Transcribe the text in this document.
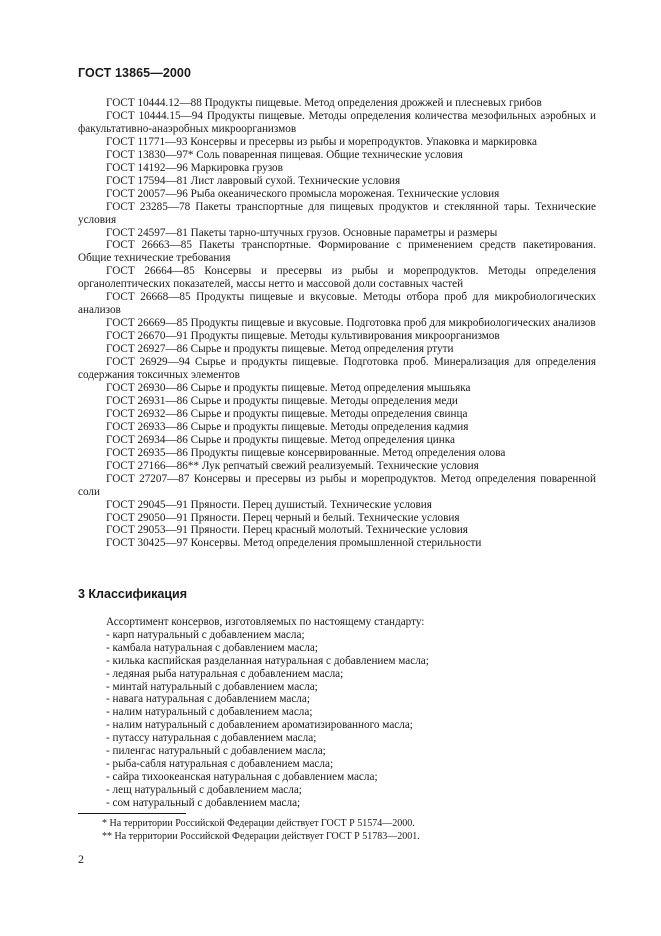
ГОСТ 13865—2000

ГОСТ 10444.12—88 Продукты пищевые. Метод определения дрожжей и плесневых грибов

ГОСТ 10444.15—94 Продукты пищевые. Методы определения количества мезофильных аэробных и факультативно-анаэробных микроорганизмов

ГОСТ 11771—93 Консервы и пресервы из рыбы и морепродуктов. Упаковка и маркировка

ГОСТ 13830—97* Соль поваренная пищевая. Общие технические условия

ГОСТ 14192—96 Маркировка грузов

ГОСТ 17594—81 Лист лавровый сухой. Технические условия

ГОСТ 20057—96 Рыба океанического промысла мороженая. Технические условия

ГОСТ 23285—78 Пакеты транспортные для пищевых продуктов и стеклянной тары. Технические условия

ГОСТ 24597—81 Пакеты тарно-штучных грузов. Основные параметры и размеры

ГОСТ 26663—85 Пакеты транспортные. Формирование с применением средств пакетирования. Общие технические требования

ГОСТ 26664—85 Консервы и пресервы из рыбы и морепродуктов. Методы определения органолептических показателей, массы нетто и массовой доли составных частей

ГОСТ 26668—85 Продукты пищевые и вкусовые. Методы отбора проб для микробиологических анализов

ГОСТ 26669—85 Продукты пищевые и вкусовые. Подготовка проб для микробиологических анализов

ГОСТ 26670—91 Продукты пищевые. Методы культивирования микроорганизмов

ГОСТ 26927—86 Сырье и продукты пищевые. Метод определения ртути

ГОСТ 26929—94 Сырье и продукты пищевые. Подготовка проб. Минерализация для определения содержания токсичных элементов

ГОСТ 26930—86 Сырье и продукты пищевые. Метод определения мышьяка

ГОСТ 26931—86 Сырье и продукты пищевые. Методы определения меди

ГОСТ 26932—86 Сырье и продукты пищевые. Методы определения свинца

ГОСТ 26933—86 Сырье и продукты пищевые. Методы определения кадмия

ГОСТ 26934—86 Сырье и продукты пищевые. Метод определения цинка

ГОСТ 26935—86 Продукты пищевые консервированные. Метод определения олова

ГОСТ 27166—86** Лук репчатый свежий реализуемый. Технические условия

ГОСТ 27207—87 Консервы и пресервы из рыбы и морепродуктов. Метод определения поваренной соли

ГОСТ 29045—91 Пряности. Перец душистый. Технические условия

ГОСТ 29050—91 Пряности. Перец черный и белый. Технические условия

ГОСТ 29053—91 Пряности. Перец красный молотый. Технические условия

ГОСТ 30425—97 Консервы. Метод определения промышленной стерильности

3 Классификация

Ассортимент консервов, изготовляемых по настоящему стандарту:

- карп натуральный с добавлением масла;
- камбала натуральная с добавлением масла;
- килька каспийская разделанная натуральная с добавлением масла;
- ледяная рыба натуральная с добавлением масла;
- минтай натуральный с добавлением масла;
- навага натуральная с добавлением масла;
- налим натуральный с добавлением масла;
- налим натуральный с добавлением ароматизированного масла;
- путассу натуральная с добавлением масла;
- пиленгас натуральный с добавлением масла;
- рыба-сабля натуральная с добавлением масла;
- сайра тихоокеанская натуральная с добавлением масла;
- лещ натуральный с добавлением масла;
- сом натуральный с добавлением масла;

* На территории Российской Федерации действует ГОСТ Р 51574—2000.

** На территории Российской Федерации действует ГОСТ Р 51783—2001.

2
